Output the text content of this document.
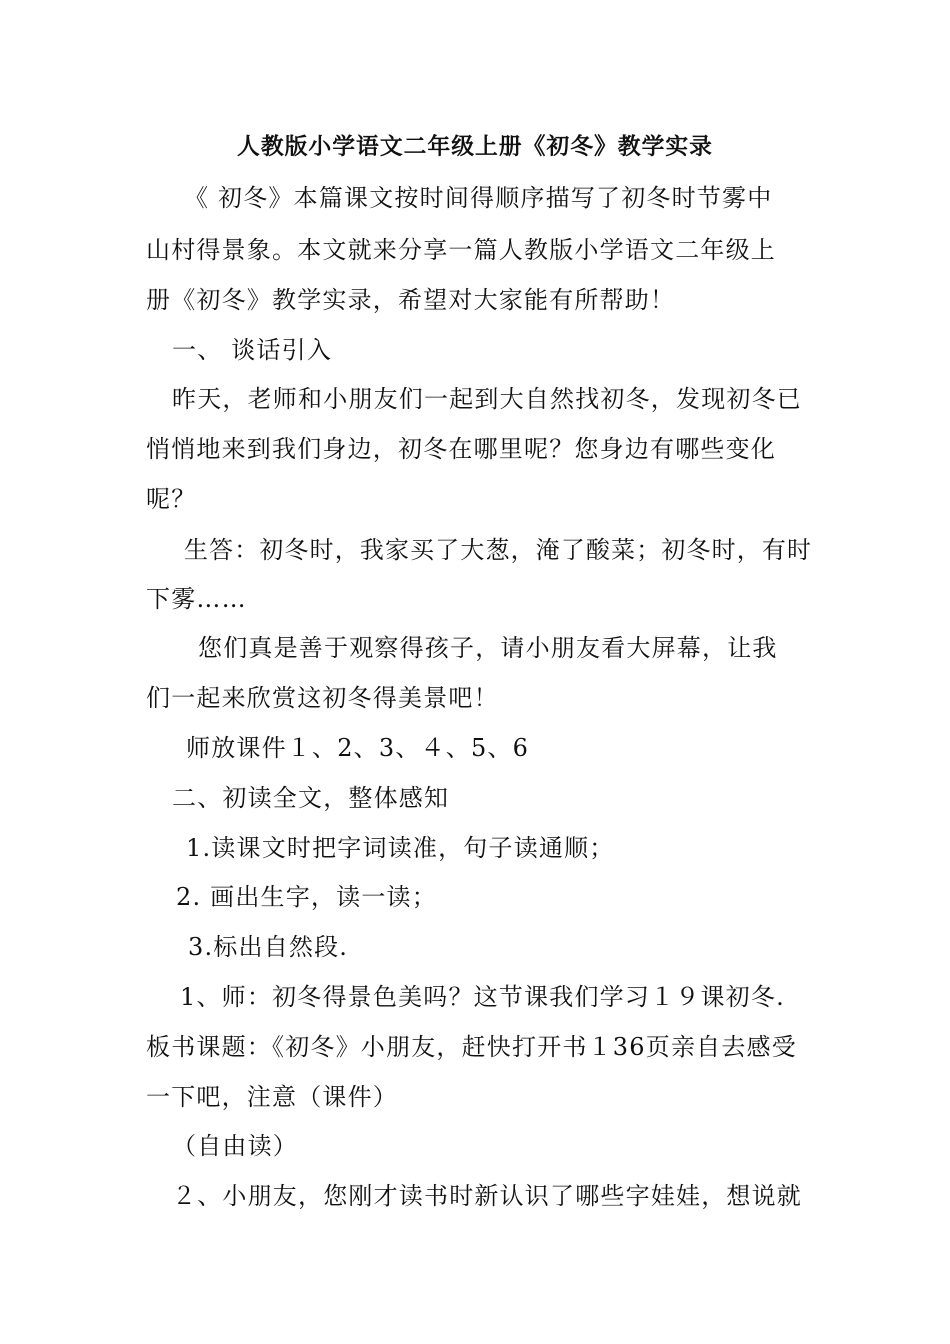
人教版小学语文二年级上册《初冬》教学实录
《 初冬》本篇课文按时间得顺序描写了初冬时节雾中
山村得景象。本文就来分享一篇人教版小学语文二年级上
册《初冬》教学实录，希望对大家能有所帮助！
一、 谈话引入
昨天，老师和小朋友们一起到大自然找初冬，发现初冬已
悄悄地来到我们身边，初冬在哪里呢？您身边有哪些变化
呢？
生答：初冬时，我家买了大葱，淹了酸菜；初冬时，有时
下雾……
您们真是善于观察得孩子，请小朋友看大屏幕，让我
们一起来欣赏这初冬得美景吧！
师放课件１、2、3、４、5、6
二、初读全文，整体感知
1.读课文时把字词读准，句子读通顺；
2. 画出生字，读一读；
3.标出自然段.
1、师：初冬得景色美吗？这节课我们学习１９课初冬.
板书课题：《初冬》小朋友，赶快打开书１36页亲自去感受
一下吧，注意（课件）
（自由读）
２、小朋友，您刚才读书时新认识了哪些字娃娃，想说就
